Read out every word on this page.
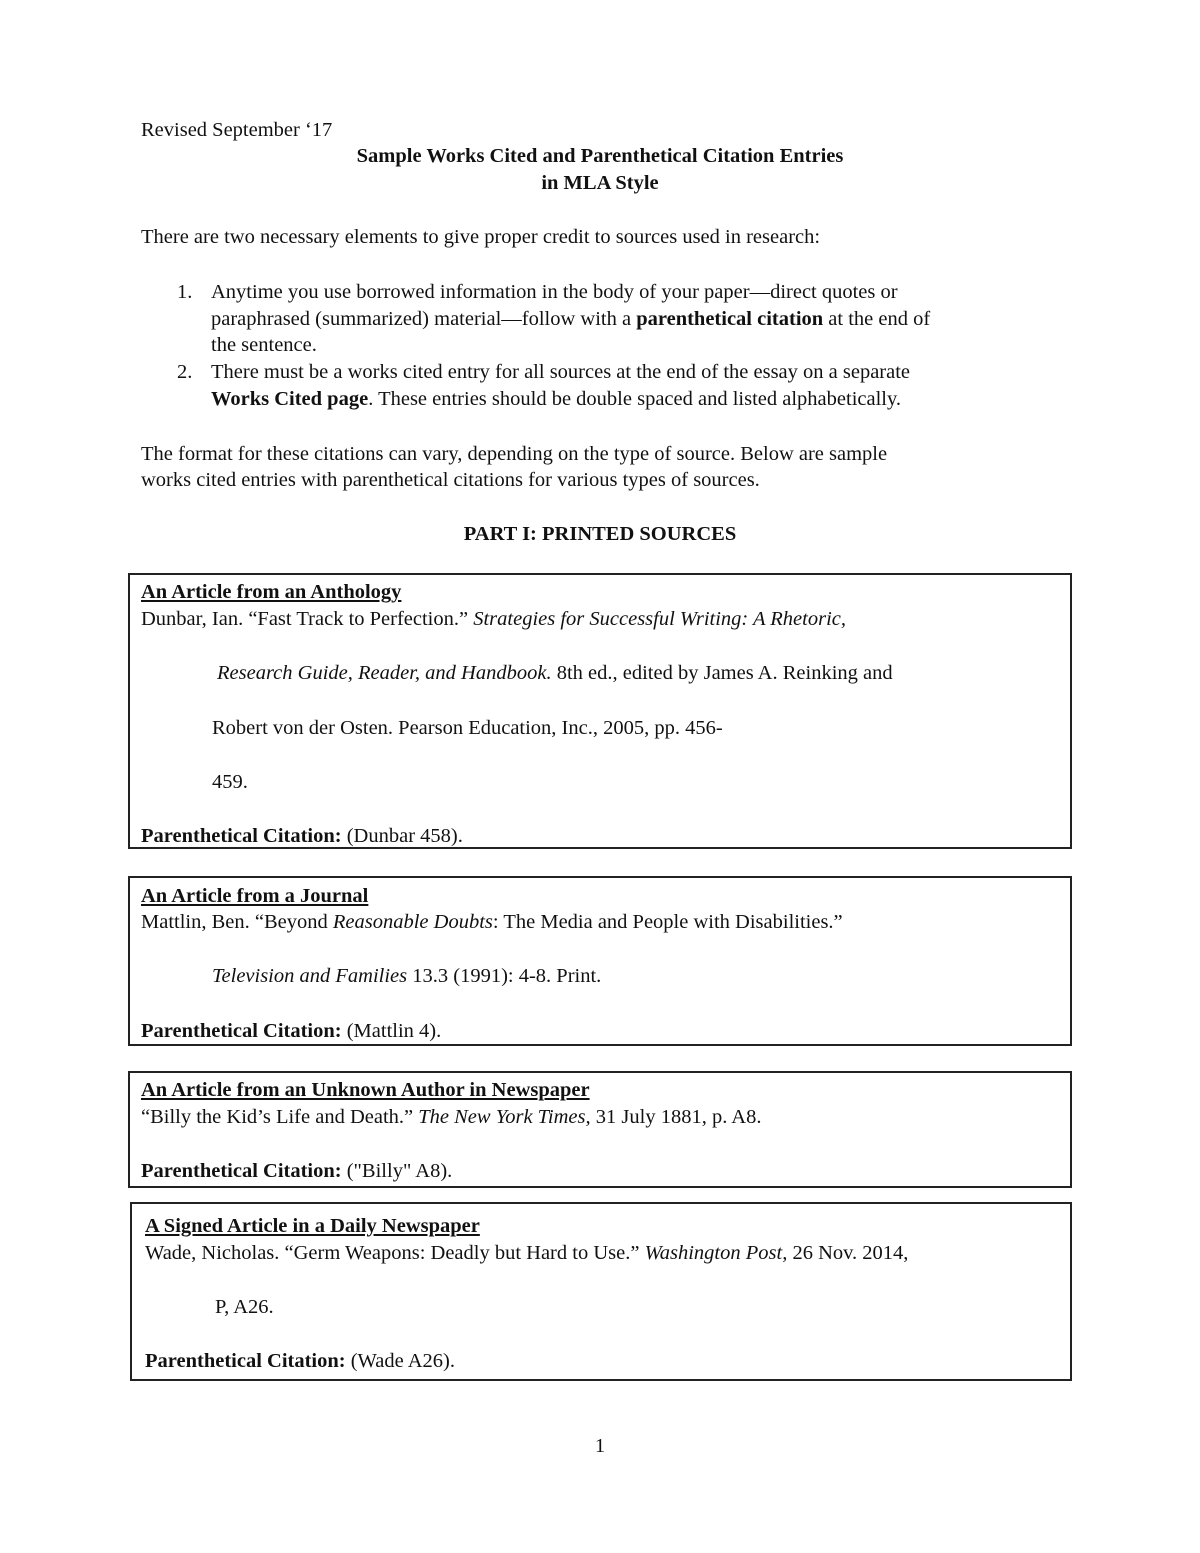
Revised September ‘17
Sample Works Cited and Parenthetical Citation Entries
in MLA Style
There are two necessary elements to give proper credit to sources used in research:
1. Anytime you use borrowed information in the body of your paper—direct quotes or
paraphrased (summarized) material—follow with a parenthetical citation at the end of
the sentence.
2. There must be a works cited entry for all sources at the end of the essay on a separate
Works Cited page. These entries should be double spaced and listed alphabetically.
The format for these citations can vary, depending on the type of source. Below are sample
works cited entries with parenthetical citations for various types of sources.
PART I: PRINTED SOURCES
An Article from an Anthology
Dunbar, Ian. “Fast Track to Perfection.” Strategies for Successful Writing: A Rhetoric,
Research Guide, Reader, and Handbook. 8th ed., edited by James A. Reinking and
Robert von der Osten. Pearson Education, Inc., 2005, pp. 456-
459.
Parenthetical Citation: (Dunbar 458).
An Article from a Journal
Mattlin, Ben. “Beyond Reasonable Doubts: The Media and People with Disabilities.”
Television and Families 13.3 (1991): 4-8. Print.
Parenthetical Citation: (Mattlin 4).
An Article from an Unknown Author in Newspaper
“Billy the Kid’s Life and Death.” The New York Times, 31 July 1881, p. A8.
Parenthetical Citation: ("Billy" A8).
A Signed Article in a Daily Newspaper
Wade, Nicholas. “Germ Weapons: Deadly but Hard to Use.” Washington Post, 26 Nov. 2014,
P, A26.
Parenthetical Citation: (Wade A26).
1
